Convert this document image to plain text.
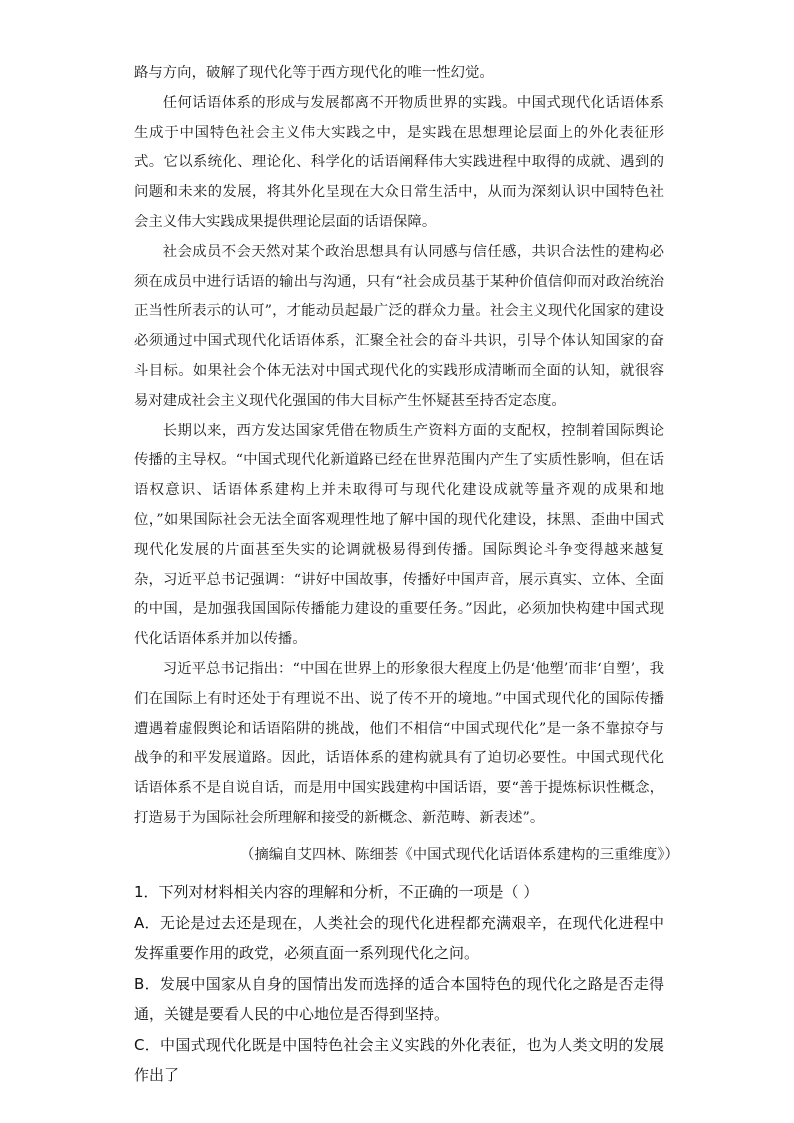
路与方向，破解了现代化等于西方现代化的唯一性幻觉。

任何话语体系的形成与发展都离不开物质世界的实践。中国式现代化话语体系生成于中国特色社会主义伟大实践之中，是实践在思想理论层面上的外化表征形式。它以系统化、理论化、科学化的话语阐释伟大实践进程中取得的成就、遇到的问题和未来的发展，将其外化呈现在大众日常生活中，从而为深刻认识中国特色社会主义伟大实践成果提供理论层面的话语保障。

社会成员不会天然对某个政治思想具有认同感与信任感，共识合法性的建构必须在成员中进行话语的输出与沟通，只有“社会成员基于某种价值信仰而对政治统治正当性所表示的认可”，才能动员起最广泛的群众力量。社会主义现代化国家的建设必须通过中国式现代化话语体系，汇聚全社会的奋斗共识，引导个体认知国家的奋斗目标。如果社会个体无法对中国式现代化的实践形成清晰而全面的认知，就很容易对建成社会主义现代化强国的伟大目标产生怀疑甚至持否定态度。

长期以来，西方发达国家凭借在物质生产资料方面的支配权，控制着国际舆论传播的主导权。“中国式现代化新道路已经在世界范围内产生了实质性影响，但在话语权意识、话语体系建构上并未取得可与现代化建设成就等量齐观的成果和地位，”如果国际社会无法全面客观理性地了解中国的现代化建设，抹黑、歪曲中国式现代化发展的片面甚至失实的论调就极易得到传播。国际舆论斗争变得越来越复杂，习近平总书记强调：“讲好中国故事，传播好中国声音，展示真实、立体、全面的中国，是加强我国国际传播能力建设的重要任务。”因此，必须加快构建中国式现代化话语体系并加以传播。

习近平总书记指出：“中国在世界上的形象很大程度上仍是‘他塑’而非‘自塑’，我们在国际上有时还处于有理说不出、说了传不开的境地。”中国式现代化的国际传播遭遇着虚假舆论和话语陷阱的挑战，他们不相信“中国式现代化”是一条不靠掠夺与战争的和平发展道路。因此，话语体系的建构就具有了迫切必要性。中国式现代化话语体系不是自说自话，而是用中国实践建构中国话语，要“善于提炼标识性概念，打造易于为国际社会所理解和接受的新概念、新范畴、新表述”。

（摘编自艾四林、陈细荟《中国式现代化话语体系建构的三重维度》）

1．下列对材料相关内容的理解和分析，不正确的一项是（ ）

A．无论是过去还是现在，人类社会的现代化进程都充满艰辛，在现代化进程中发挥重要作用的政党，必须直面一系列现代化之问。

B．发展中国家从自身的国情出发而选择的适合本国特色的现代化之路是否走得通，关键是要看人民的中心地位是否得到坚持。

C．中国式现代化既是中国特色社会主义实践的外化表征，也为人类文明的发展作出了
